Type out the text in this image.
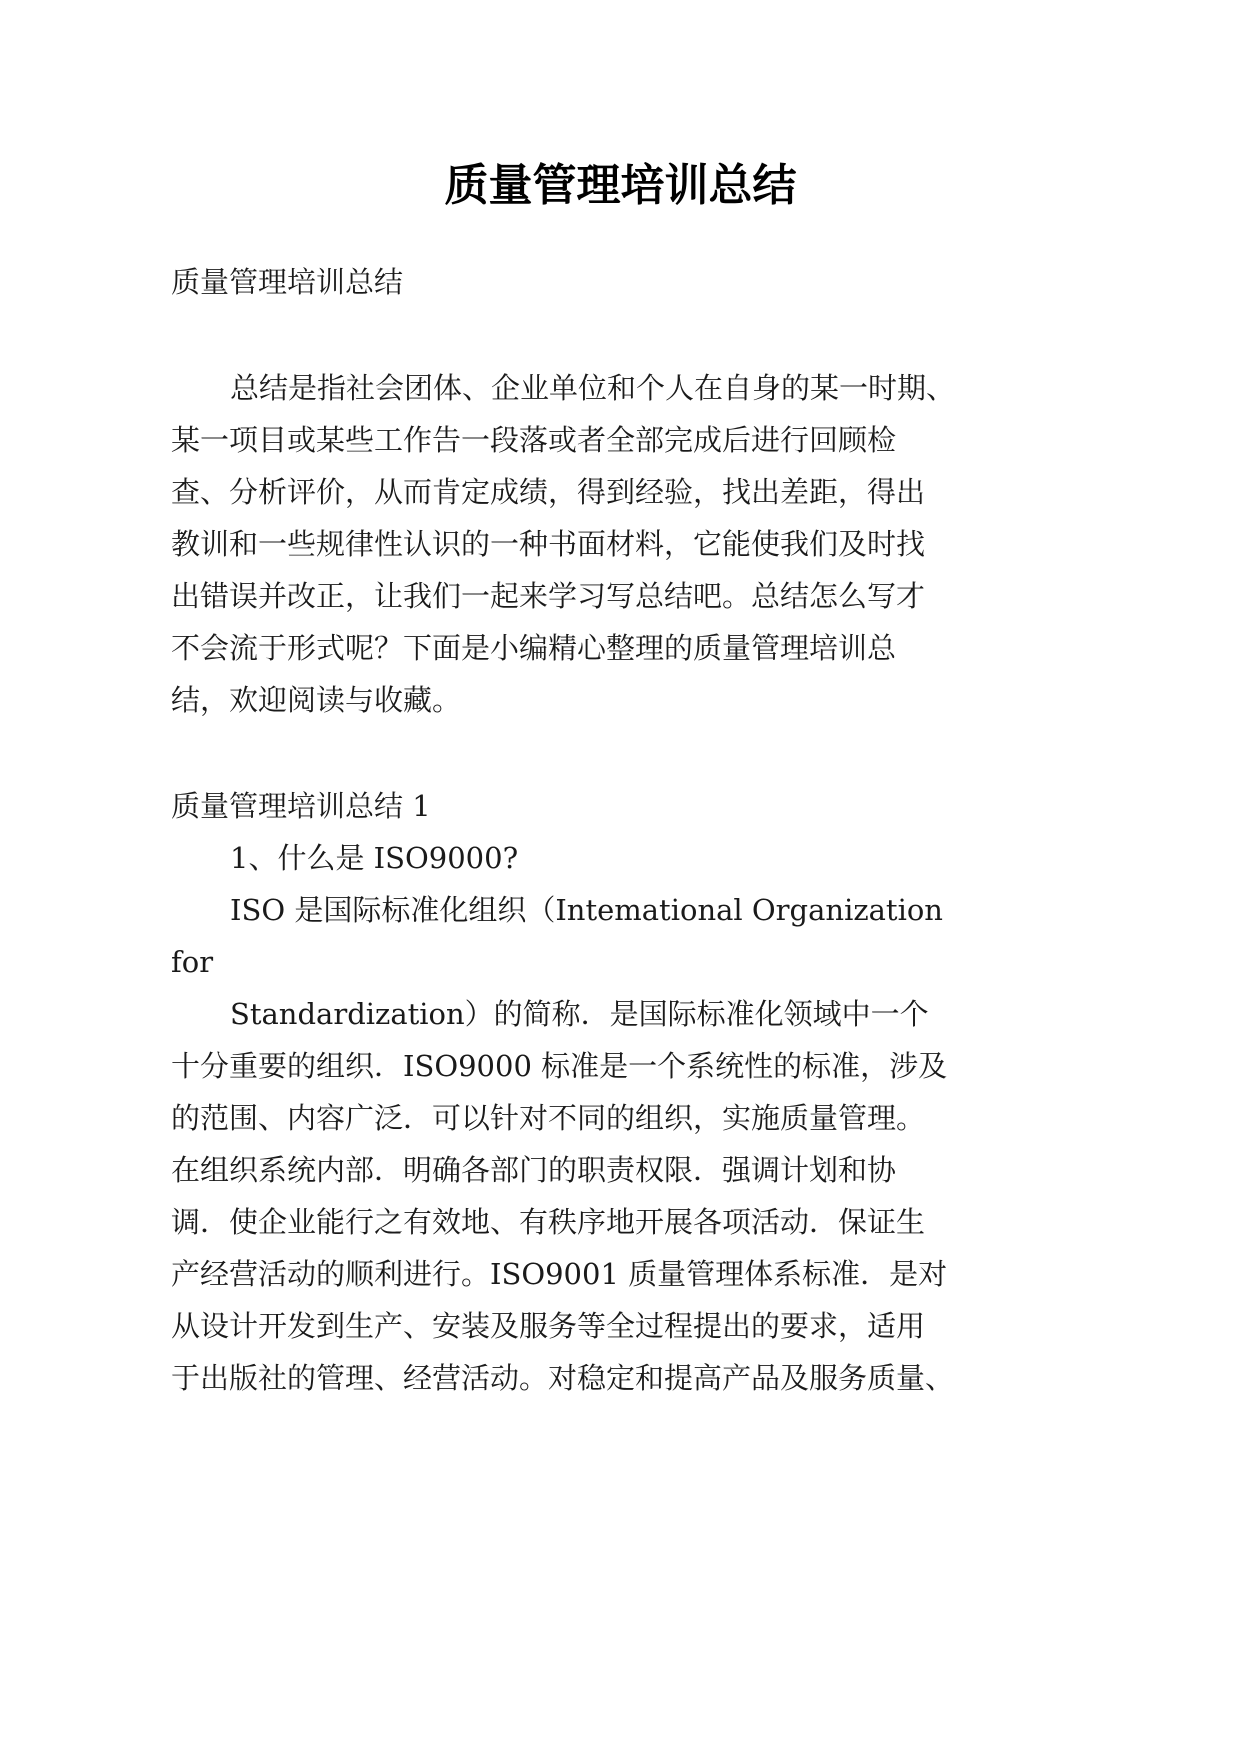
质量管理培训总结
质量管理培训总结
总结是指社会团体、企业单位和个人在自身的某一时期、
某一项目或某些工作告一段落或者全部完成后进行回顾检
查、分析评价，从而肯定成绩，得到经验，找出差距，得出
教训和一些规律性认识的一种书面材料，它能使我们及时找
出错误并改正，让我们一起来学习写总结吧。总结怎么写才
不会流于形式呢？下面是小编精心整理的质量管理培训总
结，欢迎阅读与收藏。
质量管理培训总结 1
1、什么是 ISO9000?
ISO 是国际标准化组织（Intemational Organization
for
Standardization）的简称．是国际标准化领域中一个
十分重要的组织．ISO9000 标准是一个系统性的标准，涉及
的范围、内容广泛．可以针对不同的组织，实施质量管理。
在组织系统内部．明确各部门的职责权限．强调计划和协
调．使企业能行之有效地、有秩序地开展各项活动．保证生
产经营活动的顺利进行。ISO9001 质量管理体系标准．是对
从设计开发到生产、安装及服务等全过程提出的要求，适用
于出版社的管理、经营活动。对稳定和提高产品及服务质量、
